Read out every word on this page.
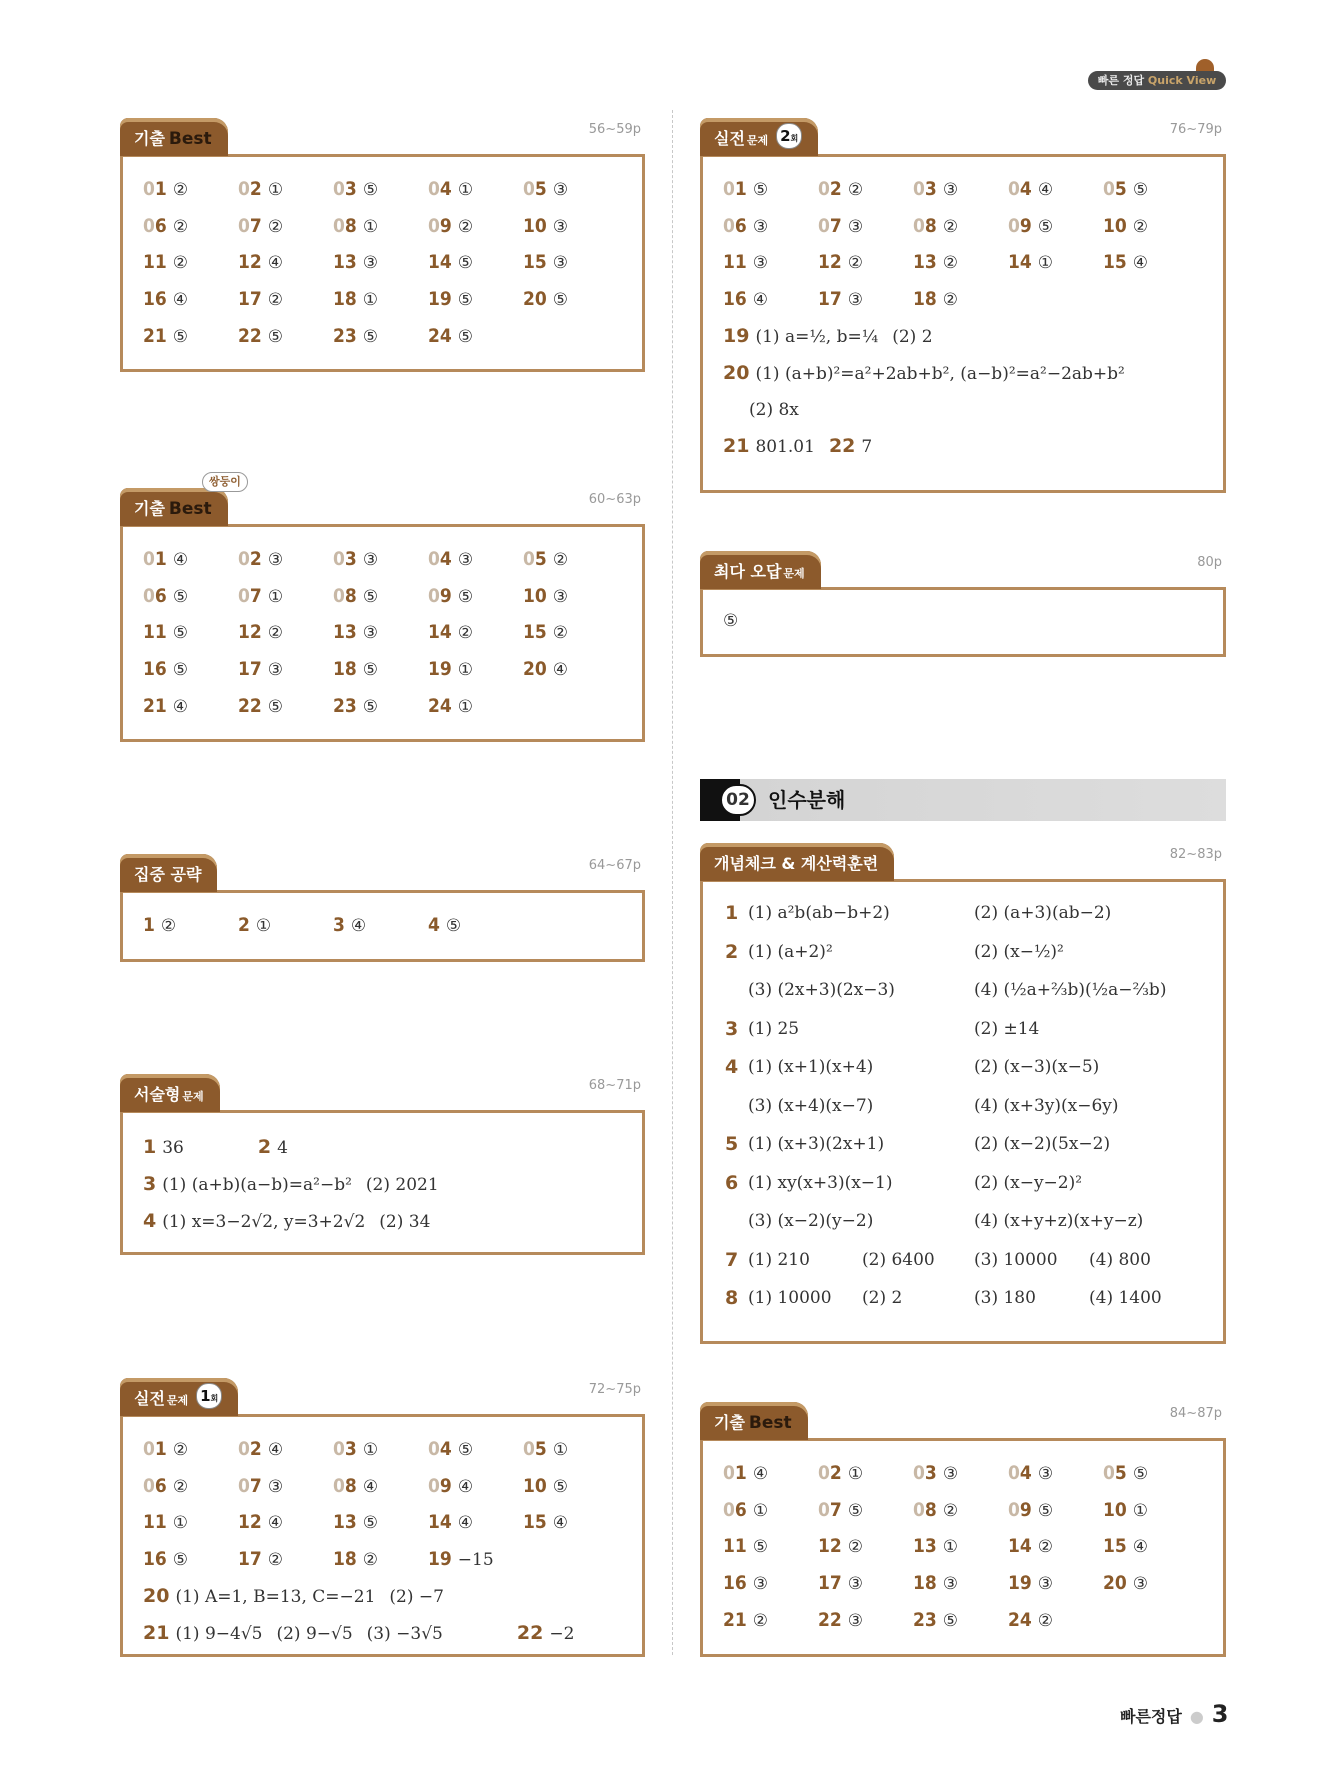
빠른 정답 Quick View
01 ②	02 ①	03 ⑤	04 ①	05 ③
06 ②	07 ②	08 ①	09 ②	10 ③
11 ②	12 ④	13 ③	14 ⑤	15 ③
16 ④	17 ②	18 ①	19 ⑤	20 ⑤
21 ⑤	22 ⑤	23 ⑤	24 ⑤
기출 Best	56~59p
01 ④	02 ③	03 ③	04 ③	05 ②
06 ⑤	07 ①	08 ⑤	09 ⑤	10 ③
11 ⑤	12 ②	13 ③	14 ②	15 ②
16 ⑤	17 ③	18 ⑤	19 ①	20 ④
21 ④	22 ⑤	23 ⑤	24 ①
기출 Best
쌍둥이
60~63p
1 ②	2 ①	3 ④	4 ⑤
집중 공략	64~67p
1 36	2 4
3 (1) (a+b)(a−b)=a²−b² (2) 2021
4 (1) x=3−2√2, y=3+2√2 (2) 34
서술형 문제
68~71p
01 ②	02 ④	03 ①	04 ⑤	05 ①
06 ②	07 ③	08 ④	09 ④	10 ⑤
11 ①	12 ④	13 ⑤	14 ④	15 ④
16 ⑤	17 ②	18 ②	19 −15
20 (1) A=1, B=13, C=−21 (2) −7
21 (1) 9−4√5 (2) 9−√5 (3) −3√5	22 −2
실전 문제 1회
72~75p
01 ⑤	02 ②	03 ③	04 ④	05 ⑤
06 ③	07 ③	08 ②	09 ⑤	10 ②
11 ③	12 ②	13 ②	14 ①	15 ④
16 ④	17 ③	18 ②
19 (1) a=½, b=¼ (2) 2
20 (1) (a+b)²=a²+2ab+b², (a−b)²=a²−2ab+b²
(2) 8x
21 801.01 22 7
실전 문제 2회
76~79p
⑤
최다 오답 문제
80p
02 인수분해
1 (1) a²b(ab−b+2)	(2) (a+3)(ab−2)
2 (1) (a+2)²	(2) (x−½)²
(3) (2x+3)(2x−3)	(4) (½a+⅔b)(½a−⅔b)
3 (1) 25	(2) ±14
4 (1) (x+1)(x+4)	(2) (x−3)(x−5)
(3) (x+4)(x−7)	(4) (x+3y)(x−6y)
5 (1) (x+3)(2x+1)	(2) (x−2)(5x−2)
6 (1) xy(x+3)(x−1)	(2) (x−y−2)²
(3) (x−2)(y−2)	(4) (x+y+z)(x+y−z)
7 (1) 210	(2) 6400 (3) 10000 (4) 800
8 (1) 10000 (2) 2	(3) 180	(4) 1400
개념체크 & 계산력훈련	82~83p
01 ④	02 ①	03 ③	04 ③	05 ⑤
06 ①	07 ⑤	08 ②	09 ⑤	10 ①
11 ⑤	12 ②	13 ①	14 ②	15 ④
16 ③	17 ③	18 ③	19 ③	20 ③
21 ②	22 ③	23 ⑤	24 ②
기출 Best	84~87p
빠른정답 ● 3
